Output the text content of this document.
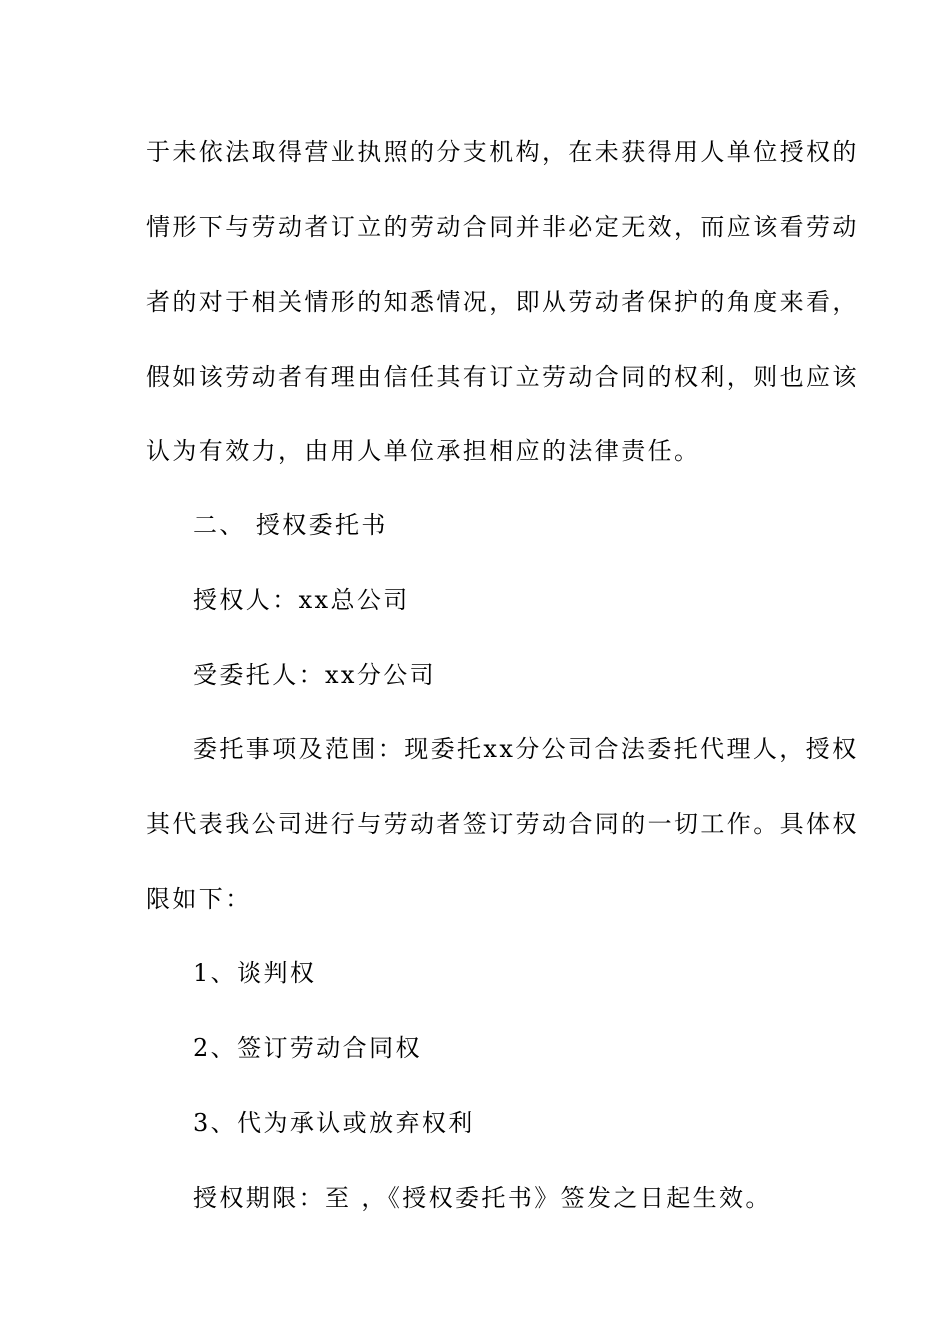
于未依法取得营业执照的分支机构，在未获得用人单位授权的
情形下与劳动者订立的劳动合同并非必定无效，而应该看劳动
者的对于相关情形的知悉情况，即从劳动者保护的角度来看，
假如该劳动者有理由信任其有订立劳动合同的权利，则也应该
认为有效力，由用人单位承担相应的法律责任。
二、 授权委托书
授权人：xx总公司
受委托人：xx分公司
委托事项及范围：现委托xx分公司合法委托代理人，授权
其代表我公司进行与劳动者签订劳动合同的一切工作。具体权
限如下：
1、谈判权
2、签订劳动合同权
3、代为承认或放弃权利
授权期限：至 ，《授权委托书》签发之日起生效。
